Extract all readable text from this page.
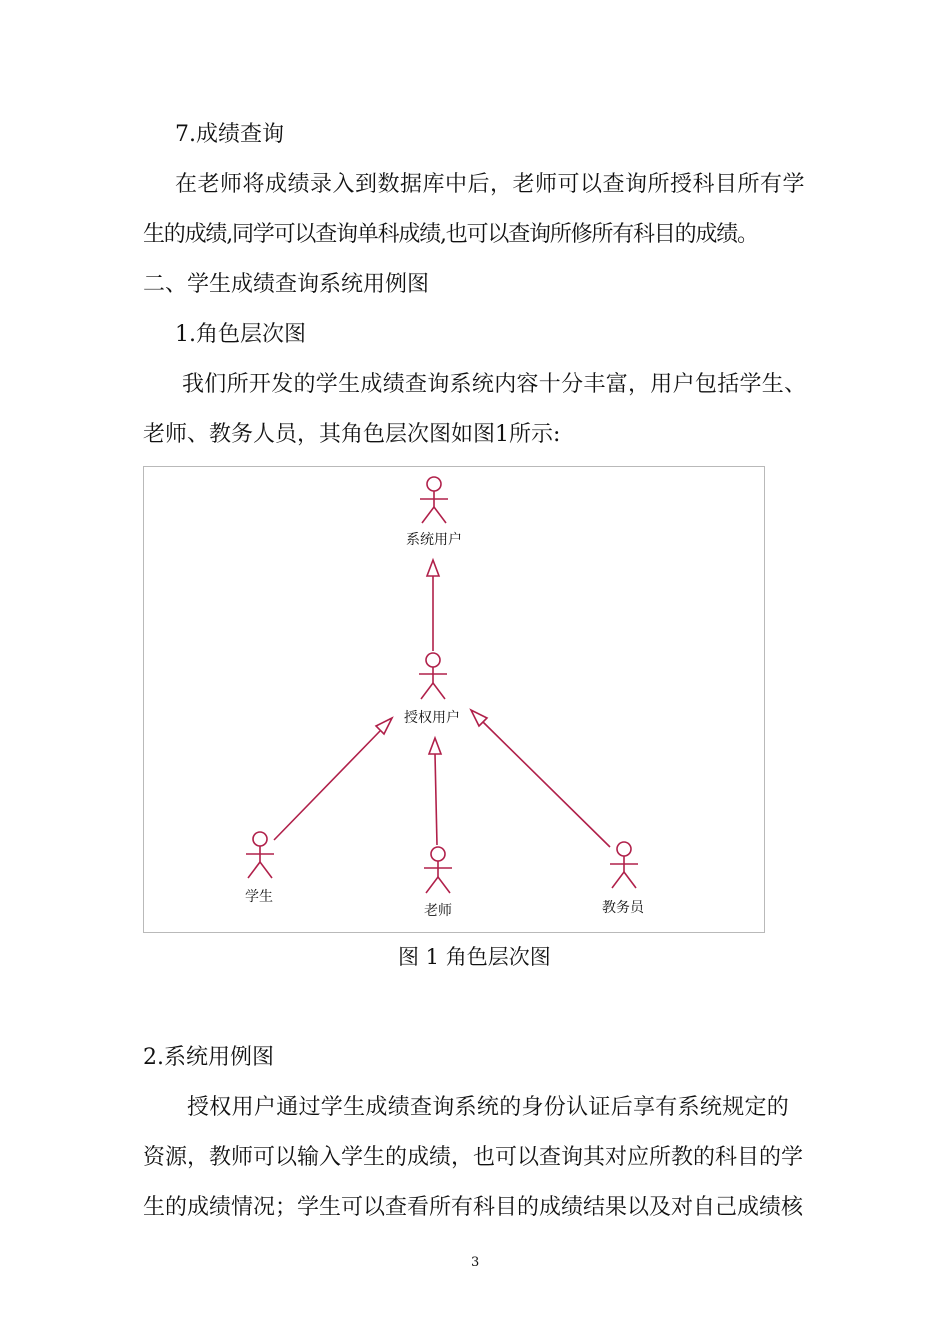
7.成绩查询
在老师将成绩录入到数据库中后，老师可以查询所授科目所有学
生的成绩,同学可以查询单科成绩,也可以查询所修所有科目的成绩。
二、学生成绩查询系统用例图
1.角色层次图
我们所开发的学生成绩查询系统内容十分丰富，用户包括学生、
老师、教务人员，其角色层次图如图1所示:
系统用户
授权用户
学生
老师	教务员
图 1 角色层次图
2.系统用例图
授权用户通过学生成绩查询系统的身份认证后享有系统规定的
资源，教师可以输入学生的成绩，也可以查询其对应所教的科目的学
生的成绩情况；学生可以查看所有科目的成绩结果以及对自己成绩核
3
